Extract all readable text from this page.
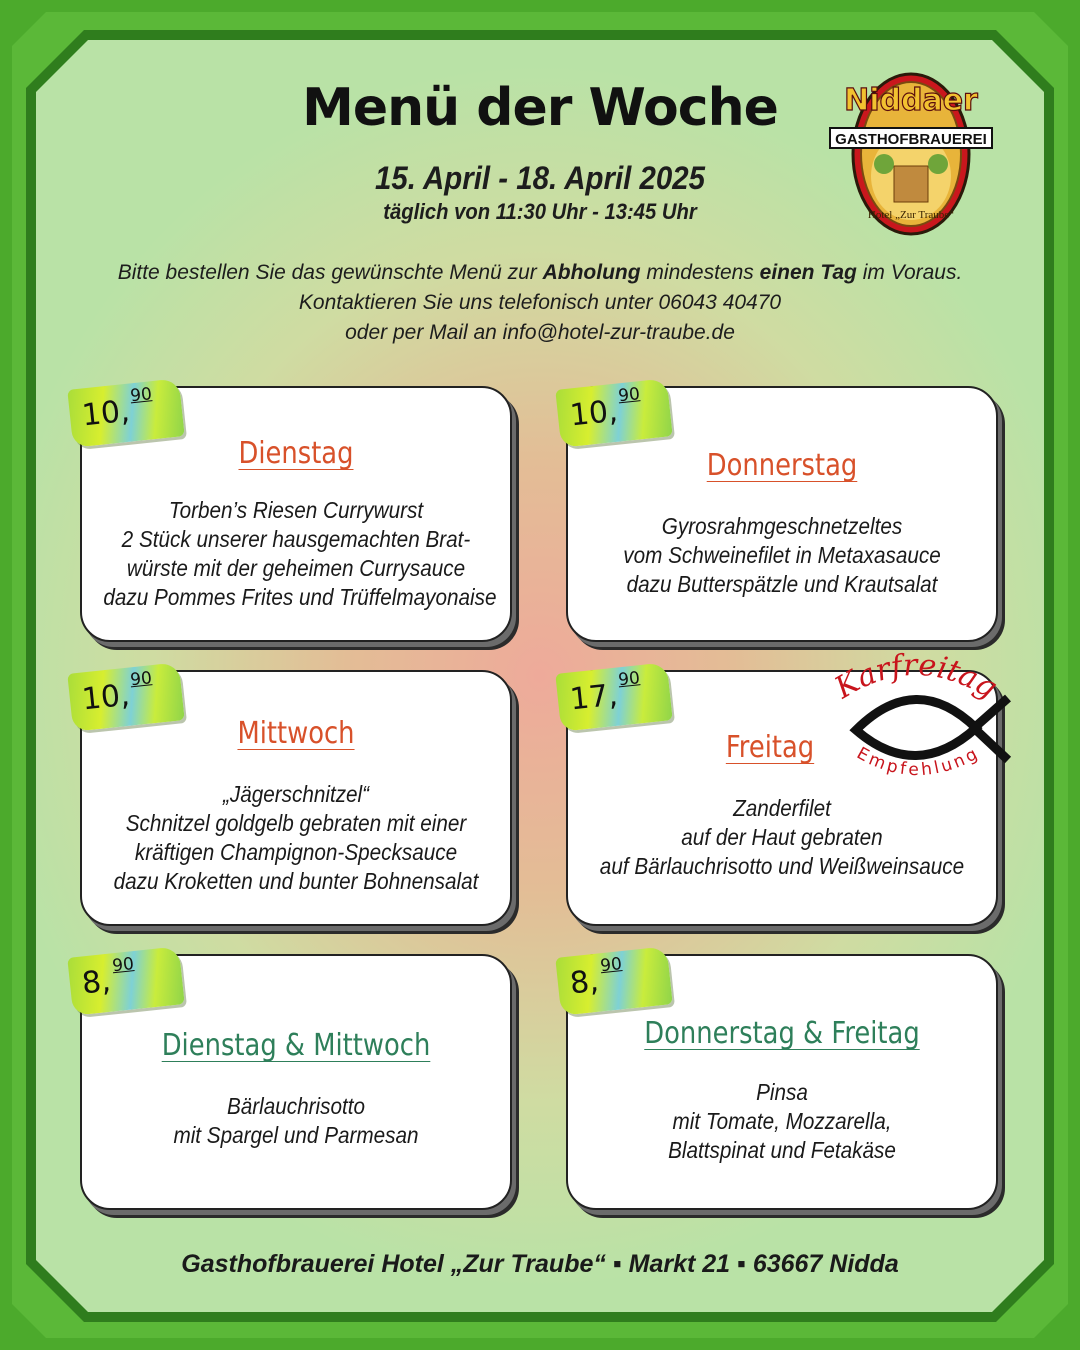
Menü der Woche
15. April - 18. April 2025
täglich von 11:30 Uhr - 13:45 Uhr
Niddaer
GASTHOFBRAUEREI
Hotel „Zur Traube“
Bitte bestellen Sie das gewünschte Menü zur Abholung mindestens einen Tag im Voraus.
Kontaktieren Sie uns telefonisch unter 06043 40470
oder per Mail an info@hotel-zur-traube.de
Dienstag
Torben’s Riesen Currywurst
2 Stück unserer hausgemachten Brat-
würste mit der geheimen Currysauce
dazu Pommes Frites und Trüffelmayonaise
10,
90
Donnerstag
Gyrosrahmgeschnetzeltes
vom Schweinefilet in Metaxasauce
dazu Butterspätzle und Krautsalat
10,
90
Mittwoch
„Jägerschnitzel“
Schnitzel goldgelb gebraten mit einer
kräftigen Champignon-Specksauce
dazu Kroketten und bunter Bohnensalat
10,
90
Freitag
Zanderfilet
auf der Haut gebraten
auf Bärlauchrisotto und Weißweinsauce
17,
90	Karfreitag
Empfehlung
Dienstag & Mittwoch
Bärlauchrisotto
mit Spargel und Parmesan
8,
90
Donnerstag & Freitag
Pinsa
mit Tomate, Mozzarella,
Blattspinat und Fetakäse
8,
90
Gasthofbrauerei Hotel „Zur Traube“ ▪ Markt 21 ▪ 63667 Nidda
